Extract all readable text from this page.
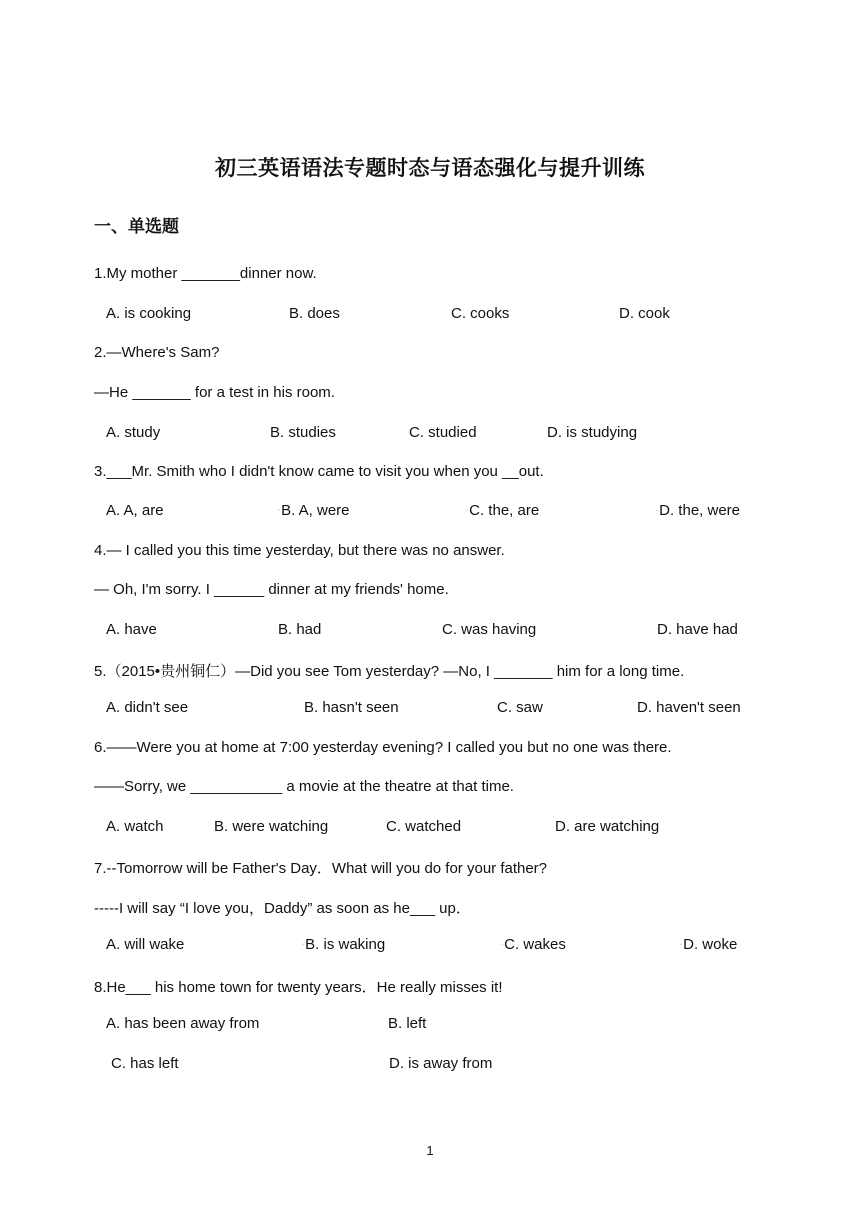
初三英语语法专题时态与语态强化与提升训练
一、单选题
1.My mother _______dinner now.
A. is cooking	B. does	C. cooks	D. cook
2.—Where's Sam?
—He _______ for a test in his room.
A. study	B. studies	C. studied	D. is studying
3.___Mr. Smith who I didn't know came to visit you when you __out.
A. A, are	◦B. A, were	◦C. the, are	◦D. the, were
4.— I called you this time yesterday, but there was no answer.
— Oh, I'm sorry. I ______ dinner at my friends' home.
A. have	B. had	C. was having	D. have had
5.（2015•贵州铜仁）—Did you see Tom yesterday? —No, I _______ him for a long time.
A. didn't see	B. hasn't seen	C. saw	D. haven't seen
6.——Were you at home at 7:00 yesterday evening? I called you but no one was there.
——Sorry, we ___________ a movie at the theatre at that time.
A. watch	B. were watching	C. watched	D. are watching
7.--Tomorrow will be Father's Day．What will you do for your father?
-----I will say “I love you，Daddy” as soon as he___ up．
A. will wake	◦B. is waking	◦C. wakes	◦D. woke
8.He___ his home town for twenty years．He really misses it!
A. has been away from	B. left
C. has left	D. is away from
1
